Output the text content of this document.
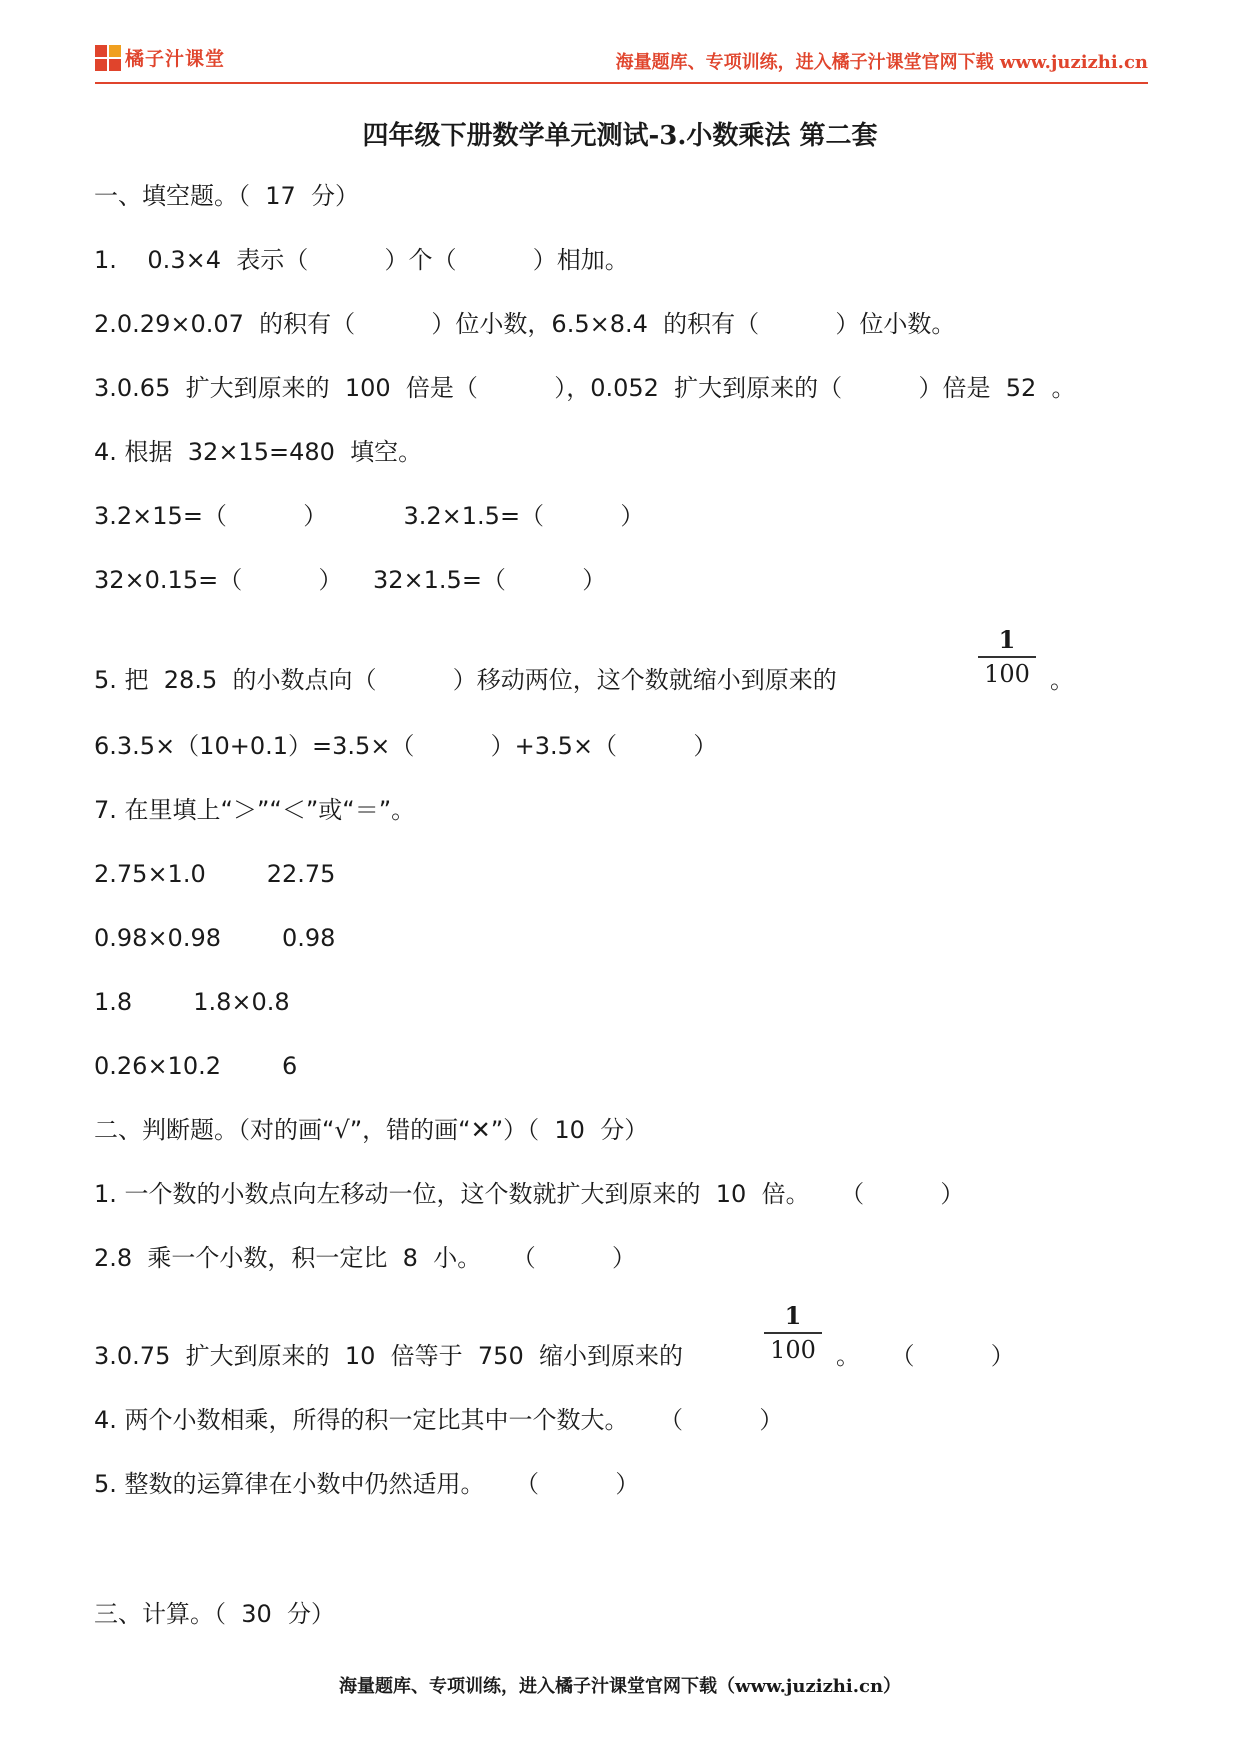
橘子汁课堂	海量题库、专项训练，进入橘子汁课堂官网下载 www.juzizhi.cn
四年级下册数学单元测试-3.小数乘法 第二套
一、填空题。（  17  分）
1.    0.3×4  表示（          ）个（          ）相加。
2.0.29×0.07  的积有（          ）位小数，6.5×8.4  的积有（          ）位小数。
3.0.65  扩大到原来的  100  倍是（          ），0.052  扩大到原来的（          ）倍是  52  。
4. 根据  32×15=480  填空。
3.2×15=（          ）          3.2×1.5=（          ）
32×0.15=（          ）    32×1.5=（          ）
5. 把  28.5  的小数点向（          ）移动两位，这个数就缩小到原来的
1
100 。
6.3.5×（10+0.1）=3.5×（          ）+3.5×（          ）
7. 在里填上“＞”“＜”或“＝”。
2.75×1.0        22.75
0.98×0.98        0.98
1.8        1.8×0.8
0.26×10.2        6
二、判断题。（对的画“√”，错的画“✕”）（  10  分）
1. 一个数的小数点向左移动一位，这个数就扩大到原来的  10  倍。    （          ）
2.8  乘一个小数，积一定比  8  小。    （          ）
3.0.75  扩大到原来的  10  倍等于  750  缩小到原来的
1
100 。    （          ）
4. 两个小数相乘，所得的积一定比其中一个数大。    （          ）
5. 整数的运算律在小数中仍然适用。    （          ）
三、计算。（  30  分）
海量题库、专项训练，进入橘子汁课堂官网下载（www.juzizhi.cn）
